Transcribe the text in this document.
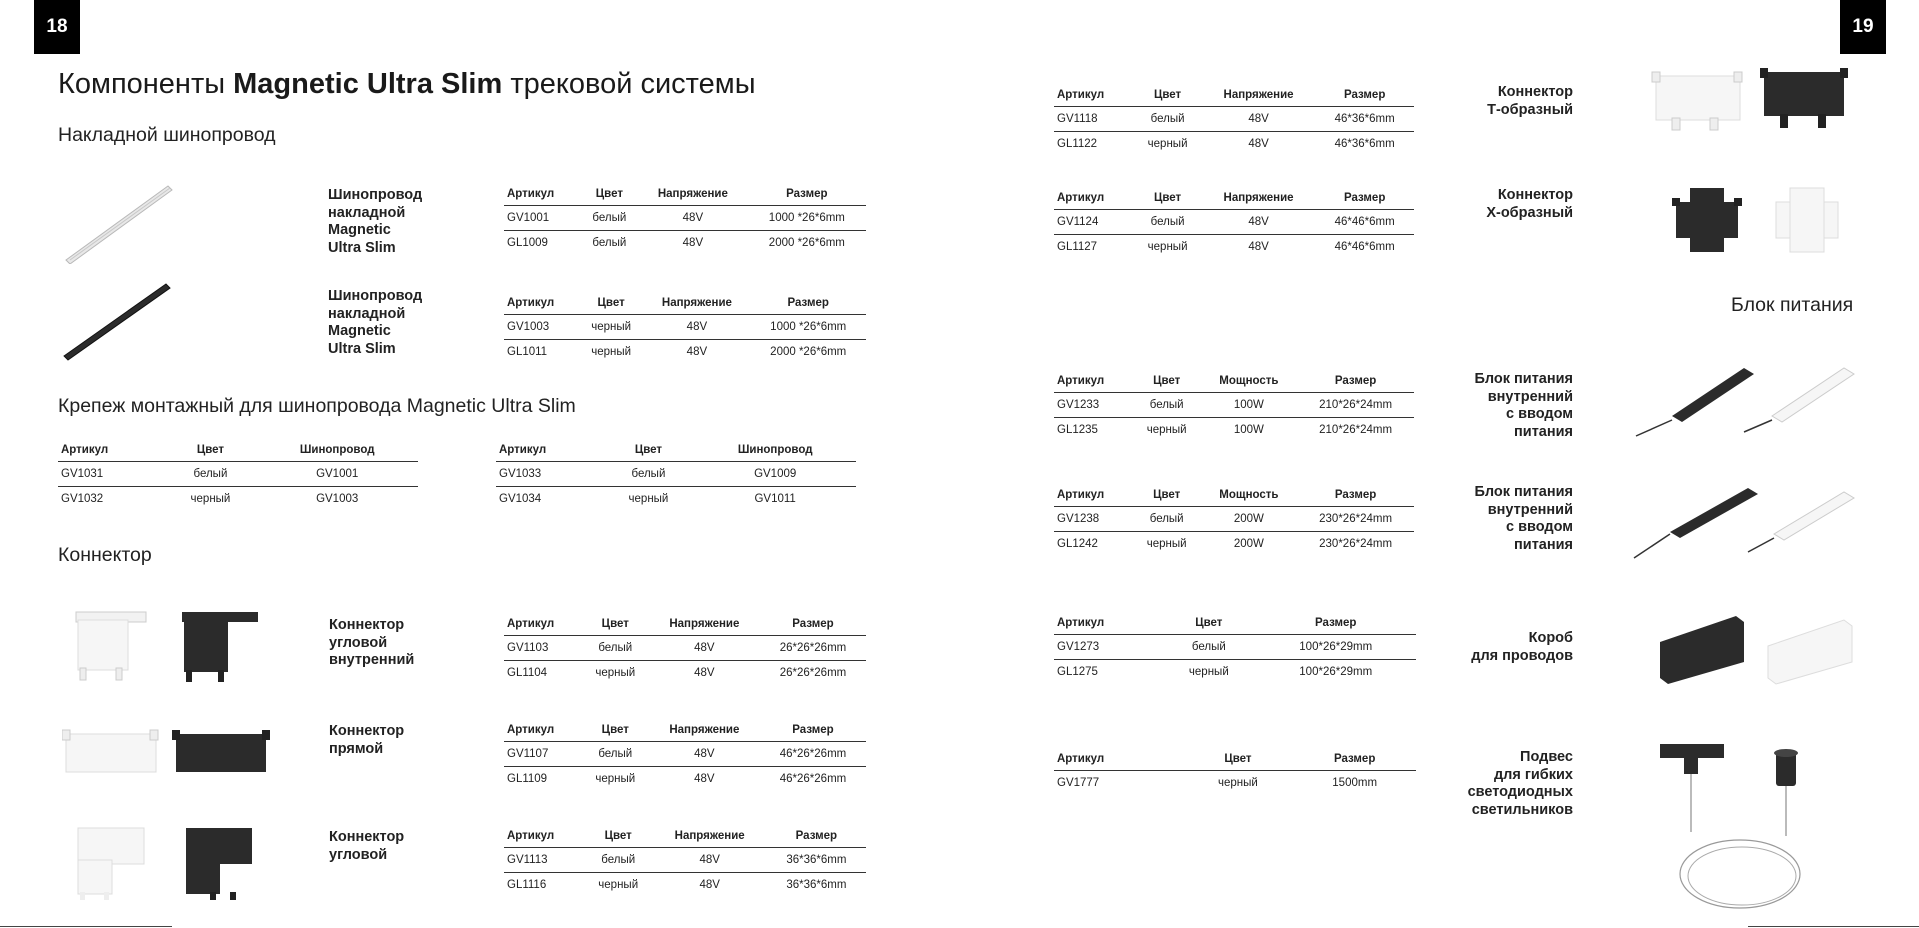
18	19
Компоненты Magnetic Ultra Slim трековой системы
Накладной шинопровод
Крепеж монтажный для шинопровода Magnetic Ultra Slim
Коннектор
Блок питания
Шинопровод
накладной
Magnetic
Ultra Slim
Артикул	Цвет	Напряжение	Размер
GV1001	белый	48V	1000 *26*6mm
GL1009	белый	48V	2000 *26*6mm
Шинопровод
накладной
Magnetic
Ultra Slim
Артикул	Цвет	Напряжение	Размер
GV1003	черный	48V	1000 *26*6mm
GL1011	черный	48V	2000 *26*6mm
Артикул	Цвет	Шинопровод
GV1031	белый	GV1001
GV1032	черный	GV1003
Артикул	Цвет	Шинопровод
GV1033	белый	GV1009
GV1034	черный	GV1011
Коннектор
угловой
внутренний
Артикул	Цвет	Напряжение	Размер
GV1103	белый	48V	26*26*26mm
GL1104	черный	48V	26*26*26mm
Коннектор
прямой
Артикул	Цвет	Напряжение	Размер
GV1107	белый	48V	46*26*26mm
GL1109	черный	48V	46*26*26mm
Коннектор
угловой
Артикул	Цвет	Напряжение	Размер
GV1113	белый	48V	36*36*6mm
GL1116	черный	48V	36*36*6mm
Артикул	Цвет	Напряжение	Размер
GV1118	белый	48V	46*36*6mm
GL1122	черный	48V	46*36*6mm
Коннектор
Т-образный
Артикул	Цвет	Напряжение	Размер
GV1124	белый	48V	46*46*6mm
GL1127	черный	48V	46*46*6mm
Коннектор
Х-образный
Артикул	Цвет	Мощность	Размер
GV1233	белый	100W	210*26*24mm
GL1235	черный	100W	210*26*24mm
Блок питания
внутренний
с вводом
питания
Артикул	Цвет	Мощность	Размер
GV1238	белый	200W	230*26*24mm
GL1242	черный	200W	230*26*24mm
Блок питания
внутренний
с вводом
питания
Артикул	Цвет	Размер
GV1273	белый	100*26*29mm
GL1275	черный	100*26*29mm
Короб
для проводов
Артикул	Цвет	Размер
GV1777	черный	1500mm
Подвес
для гибких
светодиодных
светильников
